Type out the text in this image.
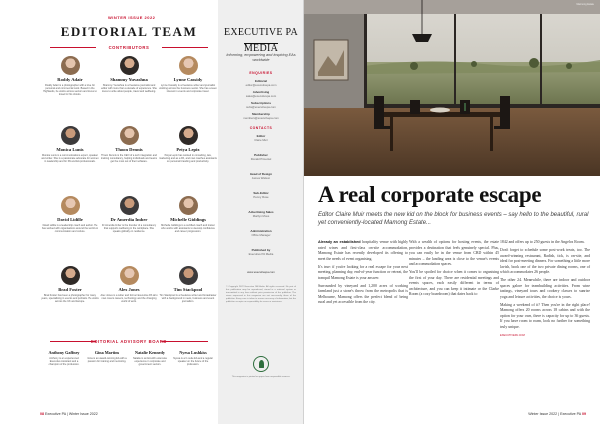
WINTER ISSUE 2022
EDITORIAL TEAM
CONTRIBUTORS
Roddy Adair
Roddy Adair is a photographer with a love for personal and commercial work. Based in the Highlands, he works across sectors and loves to travel for his shoots.
Shammy Yuvashna
Shammy Yuvashna is a freelance journalist and editor with more than a decade of experience. She loves to write about people, travel and wellbeing.
Lynne Cassidy
Lynne Cassidy is a freelance writer and journalist working across the business sector. She has a keen interest in events and corporate travel.
Monica Lunis
Monica Lunis is a communications expert, speaker and writer. She is a passionate advocate for women in leadership and for PA and EA professionals.
Thoon Dennis
Thoon Dennis is the CEO of a tech integration and training consultancy, helping individuals and teams get the most out of their software.
Petya Lepix
Petya Lepix has worked in consulting, law, marketing and as a PA, and now coaches assistants on personal branding and productivity.
David Lidille
David Lidille is a leadership coach and author. He has worked with organisations around the world on communication and culture.
Dr Amerdia Imber
Dr Amerdia Imber is the founder of a consultancy that supports wellbeing in the workplace. She speaks globally on resilience.
Michelle Giddings
Michelle Giddings is a certified coach and trainer who works with assistants to develop confidence and career progression.
Brad Foster
Brad Foster has been a photographer for many years, specialising in events and portraits. He works across the UK and Europe.
Alex Jones
Alex Jones is a writer and former Executive PA who now covers careers, technology and the changing world of work.
Tim Stackpool
Tim Stackpool is a freelance writer and broadcaster with a background in news, business and event journalism.
EDITORIAL ADVISORY BOARD
Anthony Gaffney
Anthony is an experienced Executive Assistant and a champion of the profession.
Gina Martins
Gina is an award-winning EA with a passion for training and mentoring.
Natalie Kennedy
Natalie is an EA with extensive experience in corporate and government sectors.
Nyesa Lushkiss
Nyesa is a C-suite EA and a regular speaker on the future of the profession.
08 Executive PA | Winter Issue 2022
EXECUTIVE PA
MEDIA
Informing, empowering and inspiring EAs worldwide
ENQUIRIES
Editorial
editor@executivepa.com
Advertising
sales@executivepa.com
Subscriptions
subs@executivepa.com
Membership
members@executivepa.com
CONTACTS
Editor
Claire Muir
Publisher
Ronald Pimentel
Head of Design
James Watson
Sub-Editor
Penny Rose
Advertising Sales
Marilyn Moss
Administration
Office Manager
Published by
Executive PA Media
www.executivepa.com
© Copyright 2022 Executive PA Media. All rights reserved. No part of this publication may be reproduced, stored in a retrieval system or transmitted in any form without prior permission of the publisher. The views expressed in this magazine are not necessarily those of the publisher. Every care is taken to ensure accuracy of information, but the publisher accepts no responsibility for errors or omissions.
This magazine is printed on paper from responsible sources.
Marmong Estate
A real corporate escape

Editor Claire Muir meets the new kid on the block for business events – say hello to the beautiful, rural yet conveniently-located Mamong Estate...

Already an established hospitality venue with highly rated wines and first-class on-site accommodation, Mamong Estate has recently developed its offering to meet the needs of event organising.

It's true: if you're looking for a real escape for your next meeting, planning day, end-of-year function or retreat, the tranquil Mamong Estate is your answer.

Surrounded by vineyard and 1,200 acres of working farmland just a stone's throw from the metropolis that is Melbourne, Mamong offers the perfect blend of being rural and yet accessible from the city.

With a wealth of options for hosting events, the estate provides a destination that feels genuinely special. Plus, you can easily be in the venue from CBD within 45 minutes – the landing area is close to the venue's events and accommodation spaces.

You'll be spoiled for choice when it comes to organising the first of your day. There are residential meetings and events spaces, each easily different in terms of architecture, and you can keep it intimate or the Clarke Room (a cozy boardroom) that dates back to

1842 and offers up to 250 guests in the Angelos Room.

Don't forget to schedule some post-work treats, too. The award-winning restaurant, Radish, tick, is on-site, and ideal for post-meeting dinners. For something a little more lavish, book one of the two private dining rooms, one of which accommodates 26 people.

The other 24. Meanwhile, there are indoor and outdoor spaces galore for teambuilding activities. From wine tastings, vineyard tours and cookery classes to sunrise yoga and leisure activities, the choice is yours.

Making a weekend of it? Then you're in the right place! Mamong offers 20 rooms across 18 cabins and with the option for your own, there is capacity for up to 36 guests. If you have room to roam, look no further for something truly unique.

EXECUTIVEPA.COM
Winter Issue 2022 | Executive PA 09
